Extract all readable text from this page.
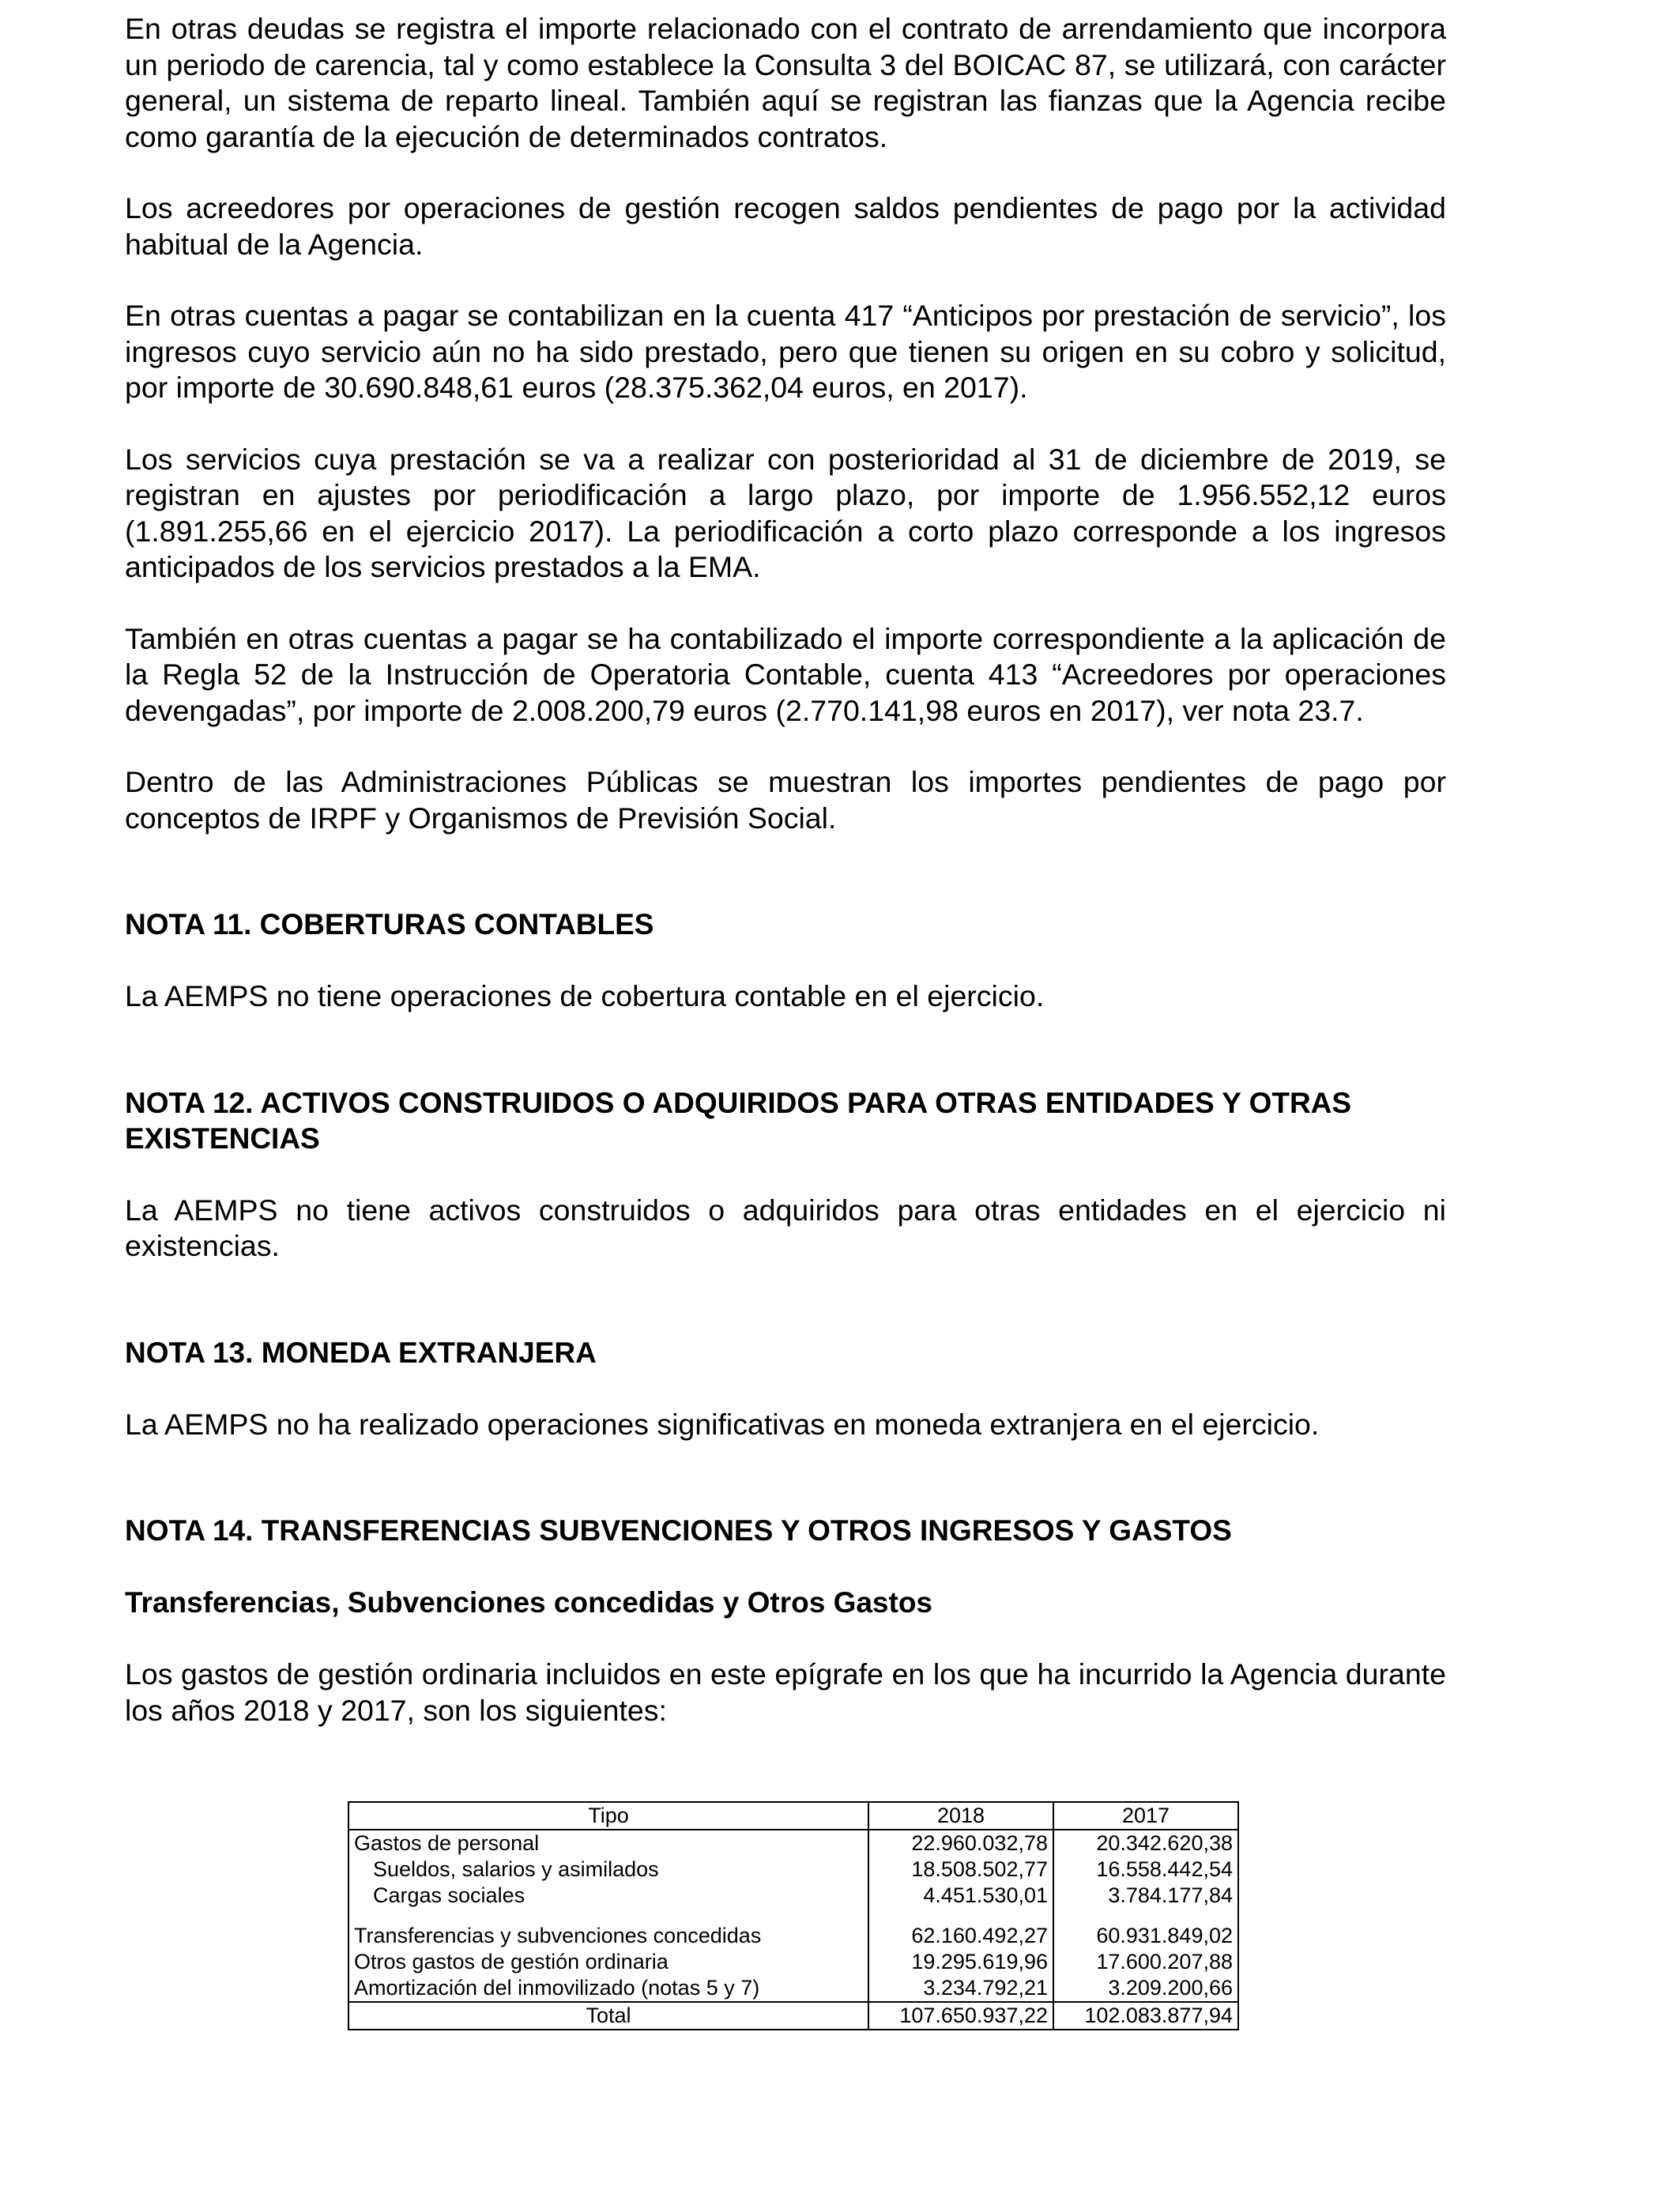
En otras deudas se registra el importe relacionado con el contrato de arrendamiento que incorpora un periodo de carencia, tal y como establece la Consulta 3 del BOICAC 87, se utilizará, con carácter general, un sistema de reparto lineal. También aquí se registran las fianzas que la Agencia recibe como garantía de la ejecución de determinados contratos.

Los acreedores por operaciones de gestión recogen saldos pendientes de pago por la actividad habitual de la Agencia.

En otras cuentas a pagar se contabilizan en la cuenta 417 “Anticipos por prestación de servicio”, los ingresos cuyo servicio aún no ha sido prestado, pero que tienen su origen en su cobro y solicitud, por importe de 30.690.848,61 euros (28.375.362,04 euros, en 2017).

Los servicios cuya prestación se va a realizar con posterioridad al 31 de diciembre de 2019, se registran en ajustes por periodificación a largo plazo, por importe de 1.956.552,12 euros (1.891.255,66 en el ejercicio 2017). La periodificación a corto plazo corresponde a los ingresos anticipados de los servicios prestados a la EMA.

También en otras cuentas a pagar se ha contabilizado el importe correspondiente a la aplicación de la Regla 52 de la Instrucción de Operatoria Contable, cuenta 413 “Acreedores por operaciones devengadas”, por importe de 2.008.200,79 euros (2.770.141,98 euros en 2017), ver nota 23.7.

Dentro de las Administraciones Públicas se muestran los importes pendientes de pago por conceptos de IRPF y Organismos de Previsión Social.

NOTA 11. COBERTURAS CONTABLES

La AEMPS no tiene operaciones de cobertura contable en el ejercicio.

NOTA 12. ACTIVOS CONSTRUIDOS O ADQUIRIDOS PARA OTRAS ENTIDADES Y OTRAS EXISTENCIAS

La AEMPS no tiene activos construidos o adquiridos para otras entidades en el ejercicio ni existencias.

NOTA 13. MONEDA EXTRANJERA

La AEMPS no ha realizado operaciones significativas en moneda extranjera en el ejercicio.

NOTA 14. TRANSFERENCIAS SUBVENCIONES Y OTROS INGRESOS Y GASTOS
Transferencias, Subvenciones concedidas y Otros Gastos

Los gastos de gestión ordinaria incluidos en este epígrafe en los que ha incurrido la Agencia durante los años 2018 y 2017, son los siguientes:

Tipo	2018	2017
Gastos de personal	22.960.032,78	20.342.620,38
Sueldos, salarios y asimilados	18.508.502,77	16.558.442,54
Cargas sociales	4.451.530,01	3.784.177,84

Transferencias y subvenciones concedidas	62.160.492,27	60.931.849,02
Otros gastos de gestión ordinaria	19.295.619,96	17.600.207,88
Amortización del inmovilizado (notas 5 y 7)	3.234.792,21	3.209.200,66
Total	107.650.937,22	102.083.877,94
